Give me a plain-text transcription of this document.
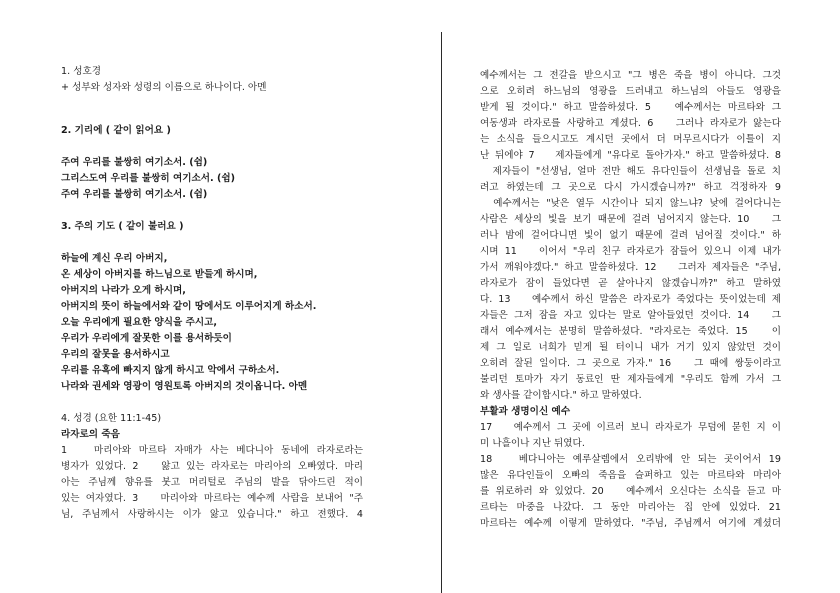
1. 성호경
+ 성부와 성자와 성령의 이름으로 하나이다. 아멘
2. 기리에 ( 같이 읽어요 )
주여 우리를 불쌍히 여기소서. (쉼)
그리스도여 우리를 불쌍히 여기소서. (쉼)
주여 우리를 불쌍히 여기소서. (쉼)
3. 주의 기도 ( 같이 불러요 )
하늘에 계신 우리 아버지,
온 세상이 아버지를 하느님으로 받들게 하시며,
아버지의 나라가 오게 하시며,
아버지의 뜻이 하늘에서와 같이 땅에서도 이루어지게 하소서.
오늘 우리에게 필요한 양식을 주시고,
우리가 우리에게 잘못한 이를 용서하듯이
우리의 잘못을 용서하시고
우리를 유혹에 빠지지 않게 하시고 악에서 구하소서.
나라와 권세와 영광이 영원토록 아버지의 것이옵니다. 아멘
4. 성경 (요한 11:1-45)
라자로의 죽음
1　 마리아와 마르타 자매가 사는 베다니아 동네에 라자로라는
병자가 있었다. 2　 앓고 있는 라자로는 마리아의 오빠였다. 마리
아는 주님께 향유를 붓고 머리털로 주님의 발을 닦아드린 적이
있는 여자였다. 3　 마리아와 마르타는 예수께 사람을 보내어 "주
님, 주님께서 사랑하시는 이가 앓고 있습니다." 하고 전했다. 4
예수께서는 그 전갈을 받으시고 "그 병은 죽을 병이 아니다. 그것
으로 오히려 하느님의 영광을 드러내고 하느님의 아들도 영광을
받게 될 것이다." 하고 말씀하셨다. 5　 예수께서는 마르타와 그
여동생과 라자로를 사랑하고 계셨다. 6　 그러나 라자로가 앓는다
는 소식을 들으시고도 계시던 곳에서 더 머무르시다가 이틀이 지
난 뒤에야 7　 제자들에게 "유다로 돌아가자." 하고 말씀하셨다. 8
　제자들이 "선생님, 얼마 전만 해도 유다인들이 선생님을 돌로 치
려고 하였는데 그 곳으로 다시 가시겠습니까?" 하고 걱정하자 9
　예수께서는 "낮은 열두 시간이나 되지 않느냐? 낮에 걸어다니는
사람은 세상의 빛을 보기 때문에 걸려 넘어지지 않는다. 10　 그
러나 밤에 걸어다니면 빛이 없기 때문에 걸려 넘어질 것이다." 하
시며 11　 이어서 "우리 친구 라자로가 잠들어 있으니 이제 내가
가서 깨워야겠다." 하고 말씀하셨다. 12　 그러자 제자들은 "주님,
라자로가 잠이 들었다면 곧 살아나지 않겠습니까?" 하고 말하였
다. 13　 예수께서 하신 말씀은 라자로가 죽었다는 뜻이었는데 제
자들은 그저 잠을 자고 있다는 말로 알아들었던 것이다. 14　 그
래서 예수께서는 분명히 말씀하셨다. "라자로는 죽었다. 15　 이
제 그 일로 너희가 믿게 될 터이니 내가 거기 있지 않았던 것이
오히려 잘된 일이다. 그 곳으로 가자." 16　 그 때에 쌍둥이라고
불리던 토마가 자기 동료인 딴 제자들에게 "우리도 함께 가서 그
와 생사를 같이합시다." 하고 말하였다.
부활과 생명이신 예수
17　 예수께서 그 곳에 이르러 보니 라자로가 무덤에 묻힌 지 이
미 나흘이나 지난 뒤였다.
18　 베다니아는 예루살렘에서 오리밖에 안 되는 곳이어서 19
많은 유다인들이 오빠의 죽음을 슬퍼하고 있는 마르타와 마리아
를 위로하러 와 있었다. 20　 예수께서 오신다는 소식을 듣고 마
르타는 마중을 나갔다. 그 동안 마리아는 집 안에 있었다. 21
마르타는 예수께 이렇게 말하였다. "주님, 주님께서 여기에 계셨더
